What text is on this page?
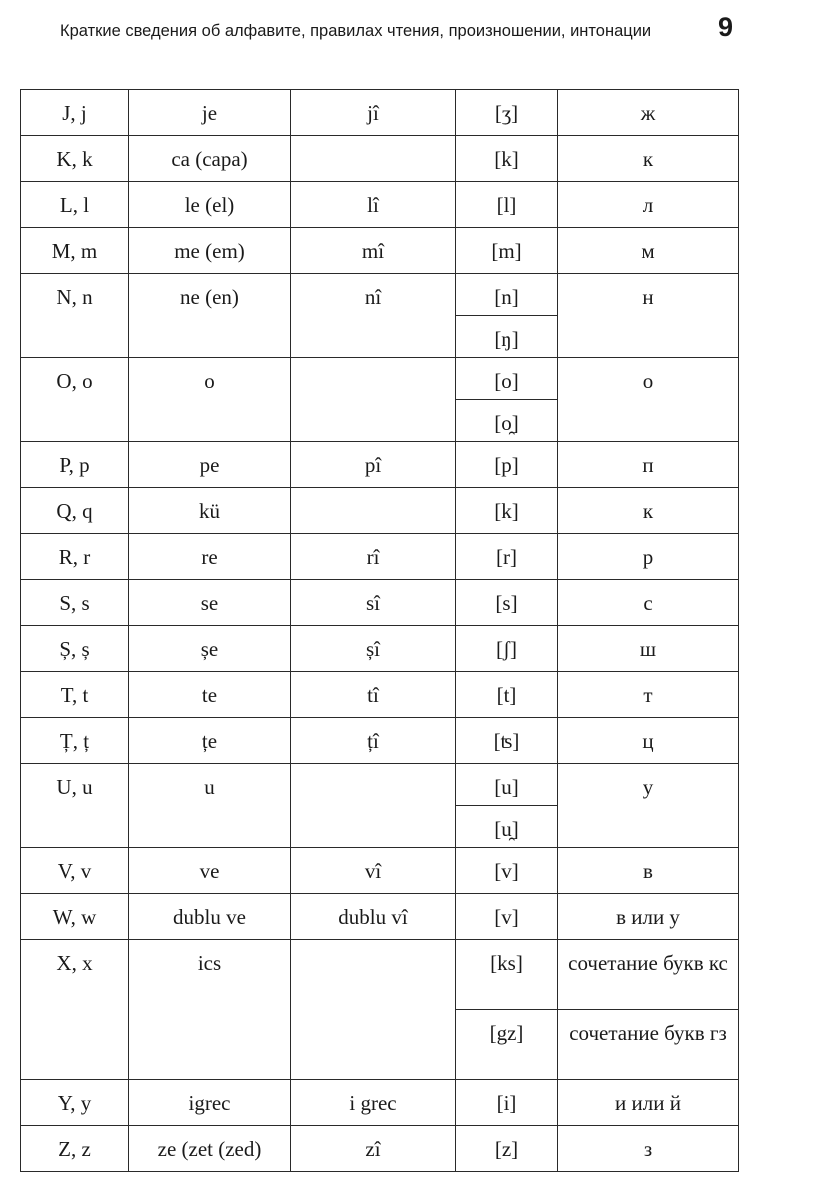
Краткие сведения об алфавите, правилах чтения, произношении, интонации 9
J, j	je	jî	[ʒ]	ж
K, k	ca (capa)		[k]	к
L, l	le (el)	lî	[l]	л
M, m	me (em)	mî	[m]	м
N, n	ne (en)	nî	[n]	н
			[ŋ]	
O, o	o		[o]	о
			[o̯]	
P, p	pe	pî	[p]	п
Q, q	kü		[k]	к
R, r	re	rî	[r]	р
S, s	se	sî	[s]	с
Ș, ș	șe	șî	[ʃ]	ш
T, t	te	tî	[t]	т
Ț, ț	țe	țî	[ʦ]	ц
U, u	u		[u]	у
			[u̯]	
V, v	ve	vî	[v]	в
W, w	dublu ve	dublu vî	[v]	в или у
X, x	ics		[ks]	сочетание букв кс
			[gz]	сочетание букв гз
Y, y	igrec	i grec	[i]	и или й
Z, z	ze (zet (zed)	zî	[z]	з
